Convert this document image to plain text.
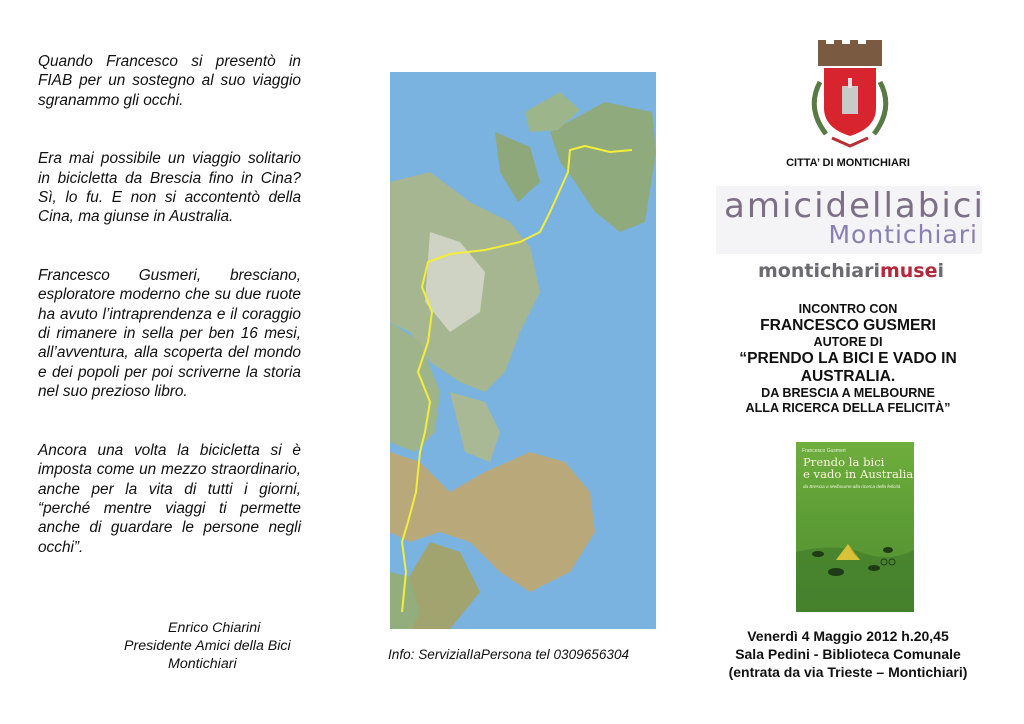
Quando Francesco si presentò in FIAB per un sostegno al suo viaggio sgranammo gli occhi.

Era mai possibile un viaggio solitario in bicicletta da Brescia fino in Cina? Sì, lo fu. E non si accontentò della Cina, ma giunse in Australia.

Francesco Gusmeri, bresciano, esploratore moderno che su due ruote ha avuto l’intraprendenza e il coraggio di rimanere in sella per ben 16 mesi, all’avventura, alla scoperta del mondo e dei popoli per poi scriverne la storia nel suo prezioso libro.

Ancora una volta la bicicletta si è imposta come un mezzo straordinario, anche per la vita di tutti i giorni, “perché mentre viaggi ti permette anche di guardare le persone negli occhi”.

Enrico Chiarini
Presidente Amici della Bici
Montichiari
Info: ServizialIaPersona tel 0309656304
CITTA’ DI MONTICHIARI
amicidellabici
Montichiari
montichiarimusei
INCONTRO CON
FRANCESCO GUSMERI
AUTORE DI
“PRENDO LA BICI E VADO IN
AUSTRALIA.
DA BRESCIA A MELBOURNE
ALLA RICERCA DELLA FELICITÀ”
Francesco Gusmeri
Prendo la bici
e vado in Australia
da Brescia a Melbourne alla ricerca della felicità
Venerdì 4 Maggio 2012 h.20,45
Sala Pedini - Biblioteca Comunale
(entrata da via Trieste – Montichiari)
